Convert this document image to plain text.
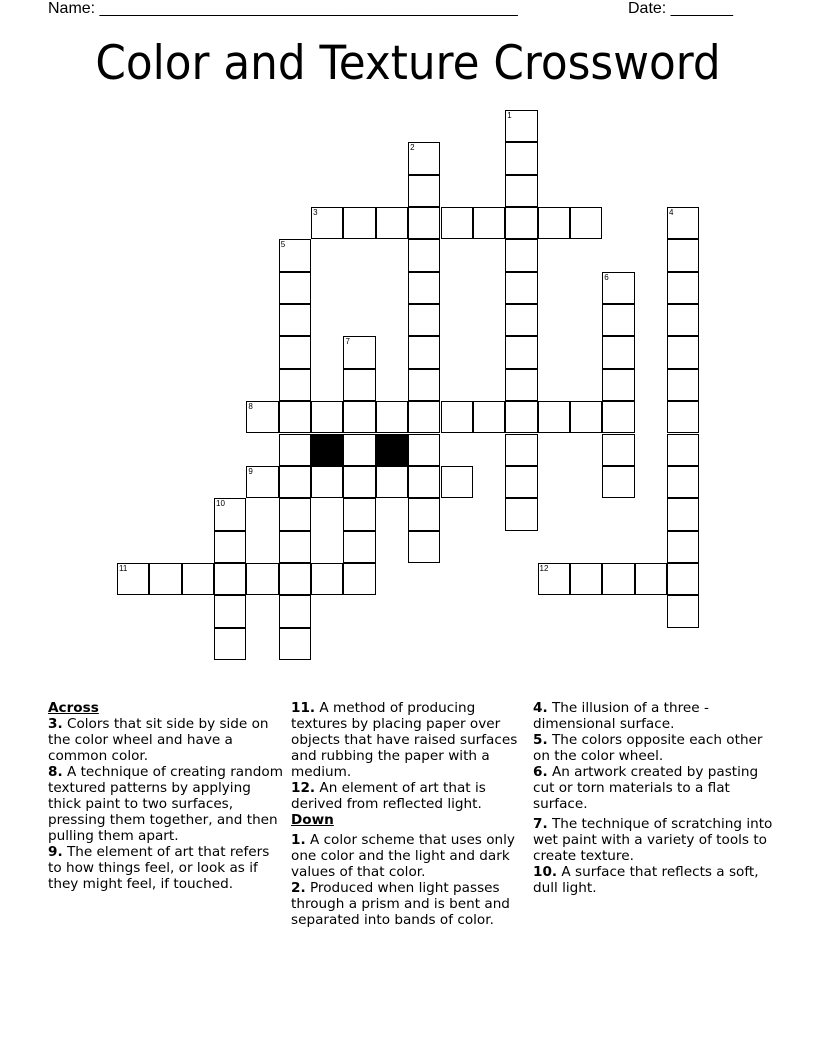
Name: _______________________________________________	Date: _______
Color and Texture Crossword
1
2
3	4
5
6
7
8
9
10
11	12
Across
3. Colors that sit side by side on the color wheel and have a common color.
8. A technique of creating random textured patterns by applying thick paint to two surfaces, pressing them together, and then pulling them apart.
9. The element of art that refers to how things feel, or look as if they might feel, if touched.
11. A method of producing textures by placing paper over objects that have raised surfaces and rubbing the paper with a medium.
12. An element of art that is derived from reflected light.
Down
1. A color scheme that uses only one color and the light and dark values of that color.
2. Produced when light passes through a prism and is bent and separated into bands of color.
4. The illusion of a three - dimensional surface.
5. The colors opposite each other on the color wheel.
6. An artwork created by pasting cut or torn materials to a flat surface.
7. The technique of scratching into wet paint with a variety of tools to create texture.
10. A surface that reflects a soft, dull light.
